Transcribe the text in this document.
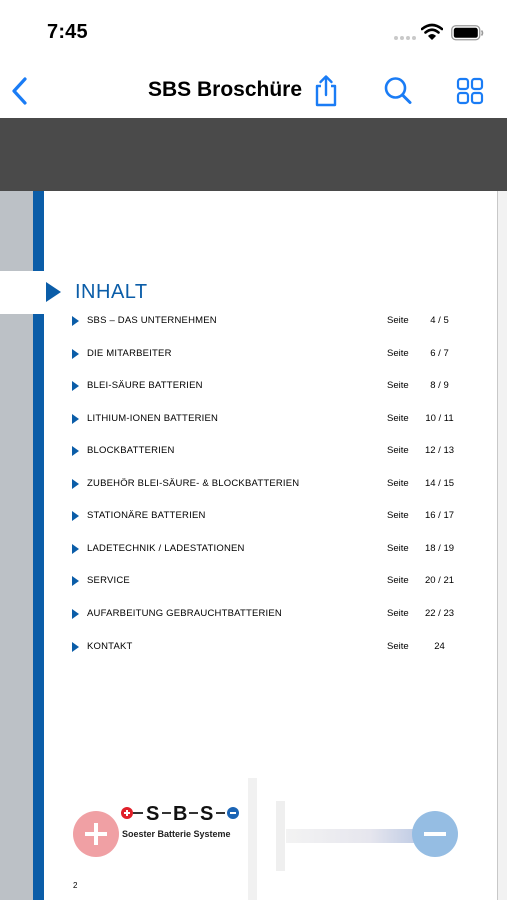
7:45
SBS Broschüre
INHALT
SBS – DAS UNTERNEHMEN	Seite	4 / 5
DIE MITARBEITER	Seite	6 / 7
BLEI-SÄURE BATTERIEN	Seite	8 / 9
LITHIUM-IONEN BATTERIEN	Seite	10 / 11
BLOCKBATTERIEN	Seite	12 / 13
ZUBEHÖR BLEI-SÄURE- & BLOCKBATTERIEN	Seite	14 / 15
STATIONÄRE BATTERIEN	Seite	16 / 17
LADETECHNIK / LADESTATIONEN	Seite	18 / 19
SERVICE	Seite	20 / 21
AUFARBEITUNG GEBRAUCHTBATTERIEN	Seite	22 / 23
KONTAKT	Seite	24
S B S
Soester Batterie Systeme
2
